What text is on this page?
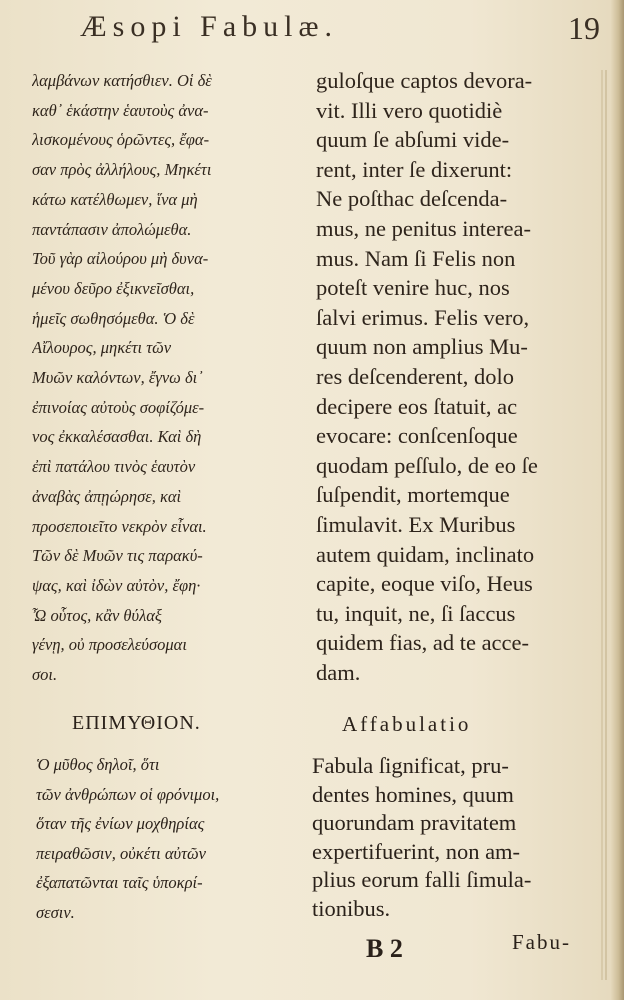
Æsopi Fabulæ.	19
λαμβάνων κατήσθιεν. Οἱ δὲ
καθ᾽ ἑκάστην ἑαυτοὺς ἀνα-
λισκομένους ὁρῶντες, ἔφα-
σαν πρὸς ἀλλήλους, Μηκέτι
κάτω κατέλθωμεν, ἵνα μὴ
παντάπασιν ἀπολώμεθα.
Τοῦ γὰρ αἰλούρου μὴ δυνα-
μένου δεῦρο ἐξικνεῖσθαι,
ἡμεῖς σωθησόμεθα. Ὁ δὲ
Αἴλουρος, μηκέτι τῶν
Μυῶν καλόντων, ἔγνω δι᾽
ἐπινοίας αὐτοὺς σοφίζόμε-
νος ἐκκαλέσασθαι. Καὶ δὴ
ἐπὶ πατάλου τινὸς ἑαυτὸν
ἀναβὰς ἀπῃώρησε, καὶ
προσεποιεῖτο νεκρὸν εἶναι.
Τῶν δὲ Μυῶν τις παρακύ-
ψας, καὶ ἰδὼν αὐτὸν, ἔφη·
Ὦ οὗτος, κἂν θύλαξ
γένῃ, οὐ προσελεύσομαι
σοι.
guloſque captos devora-
vit. Illi vero quotidiè
quum ſe abſumi vide-
rent, inter ſe dixerunt:
Ne poſthac deſcenda-
mus, ne penitus interea-
mus. Nam ſi Felis non
poteſt venire huc, nos
ſalvi erimus. Felis vero,
quum non amplius Mu-
res deſcenderent, dolo
decipere eos ſtatuit, ac
evocare: conſcenſoque
quodam peſſulo, de eo ſe
ſuſpendit, mortemque
ſimulavit. Ex Muribus
autem quidam, inclinato
capite, eoque viſo, Heus
tu, inquit, ne, ſi ſaccus
quidem fias, ad te acce-
dam.
ΕΠΙΜΥΘΙΟΝ.	Affabulatio
Ὁ μῦθος δηλοῖ, ὅτι
τῶν ἀνθρώπων οἱ φρόνιμοι,
ὅταν τῆς ἐνίων μοχθηρίας
πειραθῶσιν, οὐκέτι αὐτῶν
ἐξαπατῶνται ταῖς ὑποκρί-
σεσιν.
Fabula ſignificat, pru-
dentes homines, quum
quorundam pravitatem
expertifuerint, non am-
plius eorum falli ſimula-
tionibus.
B 2	Fabu-
